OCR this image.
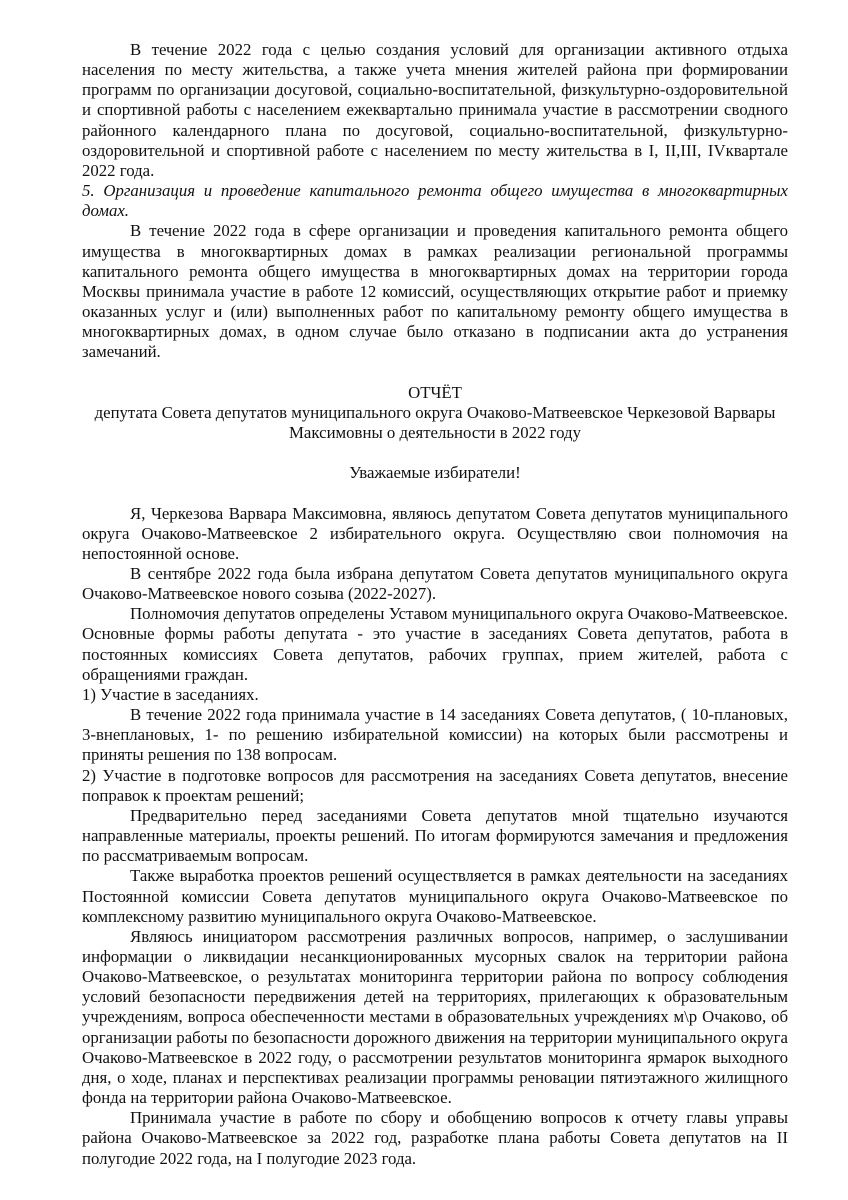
В течение 2022 года с целью создания условий для организации активного отдыха населения по месту жительства, а также учета мнения жителей района при формировании программ по организации досуговой, социально-воспитательной, физкультурно-оздоровительной и спортивной работы с населением ежеквартально принимала участие в рассмотрении сводного районного календарного плана по досуговой, социально-воспитательной, физкультурно-оздоровительной и спортивной работе с населением по месту жительства в I, II,III, IVквартале 2022 года.

5. Организация и проведение капитального ремонта общего имущества в многоквартирных домах.

В течение 2022 года в сфере организации и проведения капитального ремонта общего имущества в многоквартирных домах в рамках реализации региональной программы капитального ремонта общего имущества в многоквартирных домах на территории города Москвы принимала участие в работе 12 комиссий, осуществляющих открытие работ и приемку оказанных услуг и (или) выполненных работ по капитальному ремонту общего имущества в многоквартирных домах, в одном случае было отказано в подписании акта до устранения замечаний.

ОТЧЁТ

депутата Совета депутатов муниципального округа Очаково-Матвеевское Черкезовой Варвары Максимовны о деятельности в 2022 году

Уважаемые избиратели!

Я, Черкезова Варвара Максимовна, являюсь депутатом Совета депутатов муниципального округа Очаково-Матвеевское 2 избирательного округа. Осуществляю свои полномочия на непостоянной основе.

В сентябре 2022 года была избрана депутатом Совета депутатов муниципального округа Очаково-Матвеевское нового созыва (2022-2027).

Полномочия депутатов определены Уставом муниципального округа Очаково-Матвеевское. Основные формы работы депутата - это участие в заседаниях Совета депутатов, работа в постоянных комиссиях Совета депутатов, рабочих группах, прием жителей, работа с обращениями граждан.

1) Участие в заседаниях.

В течение 2022 года принимала участие в 14 заседаниях Совета депутатов, ( 10-плановых, 3-внеплановых, 1- по решению избирательной комиссии) на которых были рассмотрены и приняты решения по 138 вопросам.

2) Участие в подготовке вопросов для рассмотрения на заседаниях Совета депутатов, внесение поправок к проектам решений;

Предварительно перед заседаниями Совета депутатов мной тщательно изучаются направленные материалы, проекты решений. По итогам формируются замечания и предложения по рассматриваемым вопросам.

Также выработка проектов решений осуществляется в рамках деятельности на заседаниях Постоянной комиссии Совета депутатов муниципального округа Очаково-Матвеевское по комплексному развитию муниципального округа Очаково-Матвеевское.

Являюсь инициатором рассмотрения различных вопросов, например, о заслушивании информации о ликвидации несанкционированных мусорных свалок на территории района Очаково-Матвеевское, о результатах мониторинга территории района по вопросу соблюдения условий безопасности передвижения детей на территориях, прилегающих к образовательным учреждениям, вопроса обеспеченности местами в образовательных учреждениях м\р Очаково, об организации работы по безопасности дорожного движения на территории муниципального округа Очаково-Матвеевское в 2022 году, о рассмотрении результатов мониторинга ярмарок выходного дня, о ходе, планах и перспективах реализации программы реновации пятиэтажного жилищного фонда на территории района Очаково-Матвеевское.

Принимала участие в работе по сбору и обобщению вопросов к отчету главы управы района Очаково-Матвеевское за 2022 год, разработке плана работы Совета депутатов на II полугодие 2022 года, на I полугодие 2023 года.
